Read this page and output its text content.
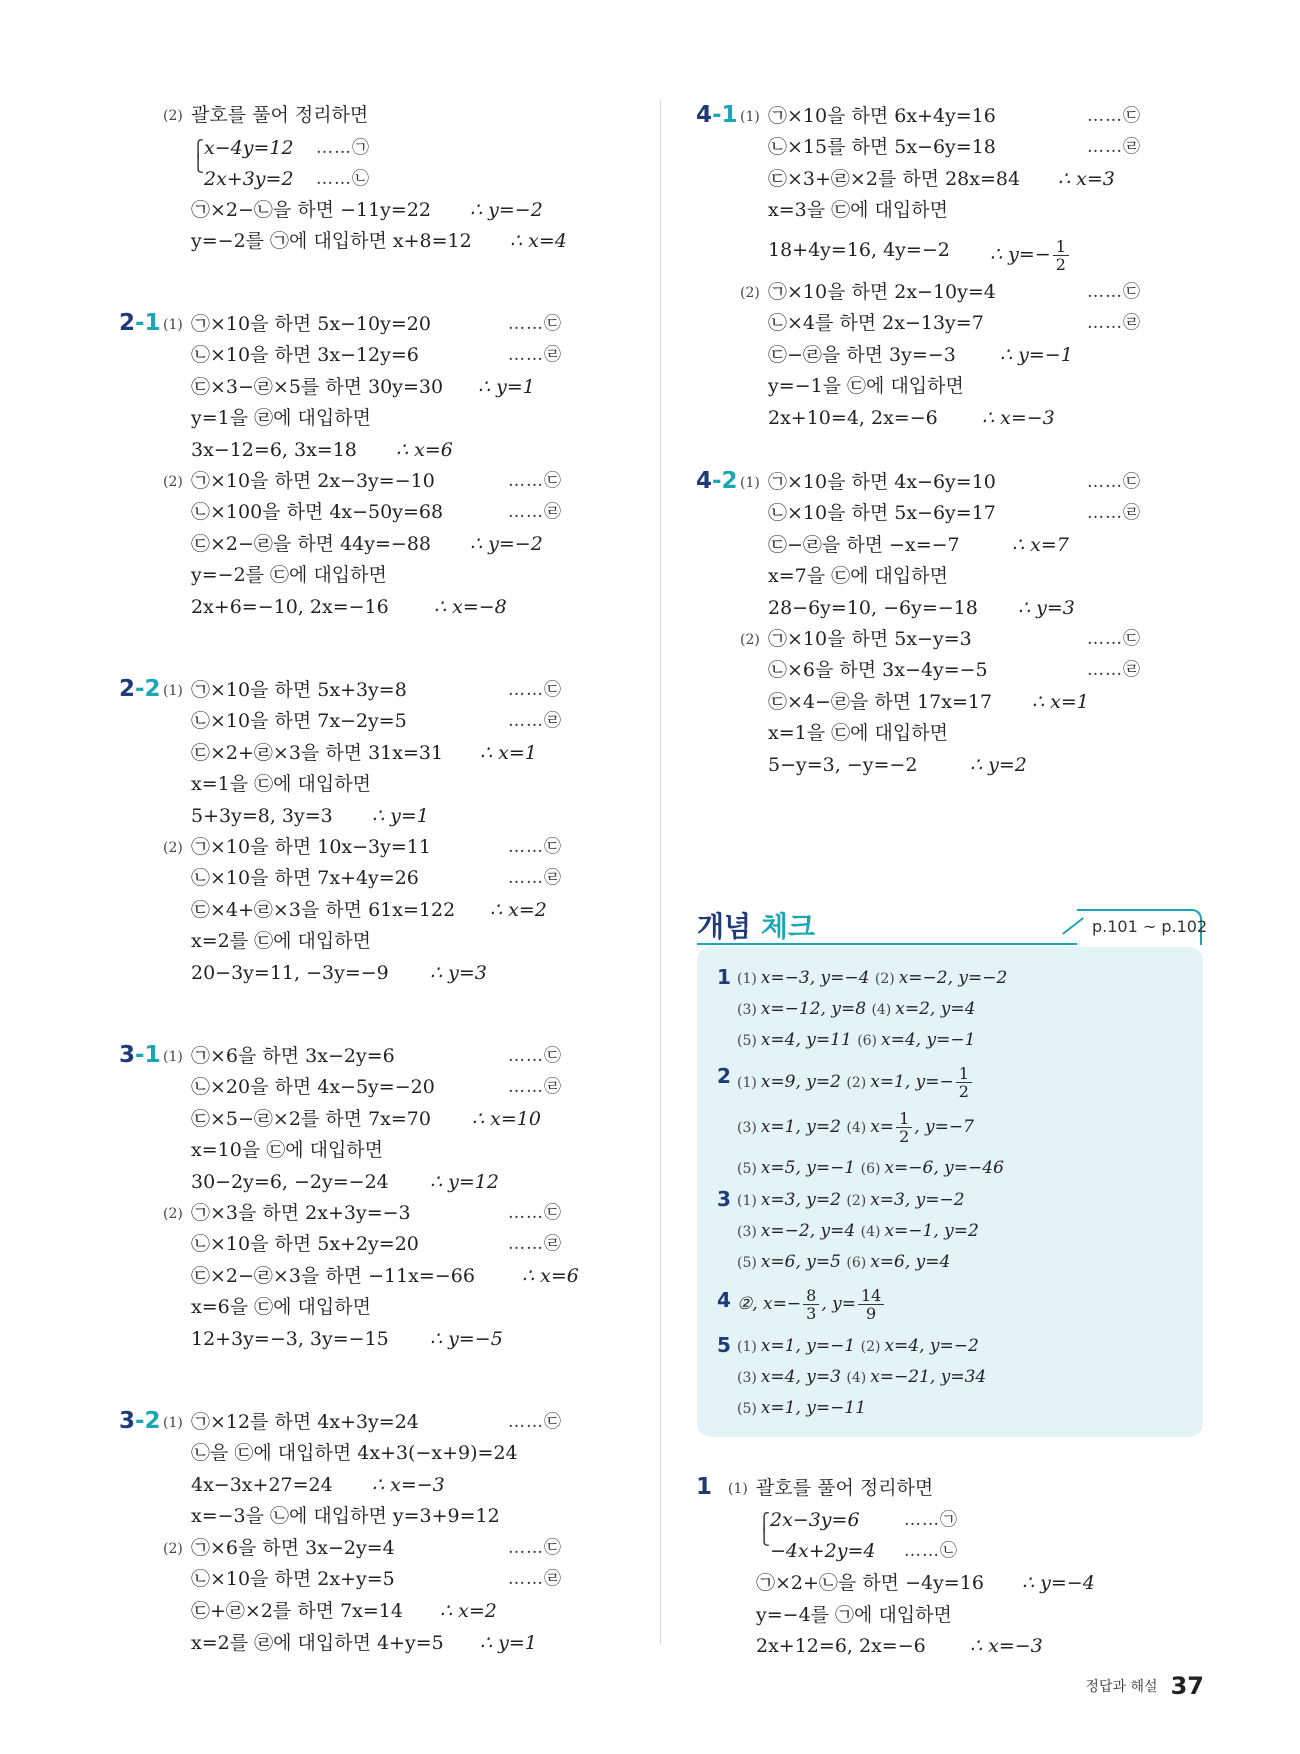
(2) 괄호를 풀어 정리하면
⎧
⎩
x−4y=12 ……㉠
2x+3y=2 ……㉡
㉠×2−㉡을 하면 −11y=22 ∴ y=−2
y=−2를 ㉠에 대입하면 x+8=12 ∴ x=4
2-1 (1) ㉠×10을 하면 5x−10y=20	……㉢
㉡×10을 하면 3x−12y=6	……㉣
㉢×3−㉣×5를 하면 30y=30 ∴ y=1
y=1을 ㉣에 대입하면
3x−12=6, 3x=18 ∴ x=6
(2) ㉠×10을 하면 2x−3y=−10	……㉢
㉡×100을 하면 4x−50y=68	……㉣
㉢×2−㉣을 하면 44y=−88 ∴ y=−2
y=−2를 ㉢에 대입하면
2x+6=−10, 2x=−16 ∴ x=−8
2-2 (1) ㉠×10을 하면 5x+3y=8	……㉢
㉡×10을 하면 7x−2y=5	……㉣
㉢×2+㉣×3을 하면 31x=31 ∴ x=1
x=1을 ㉢에 대입하면
5+3y=8, 3y=3 ∴ y=1
(2) ㉠×10을 하면 10x−3y=11	……㉢
㉡×10을 하면 7x+4y=26	……㉣
㉢×4+㉣×3을 하면 61x=122 ∴ x=2
x=2를 ㉢에 대입하면
20−3y=11, −3y=−9 ∴ y=3
3-1 (1) ㉠×6을 하면 3x−2y=6	……㉢
㉡×20을 하면 4x−5y=−20	……㉣
㉢×5−㉣×2를 하면 7x=70 ∴ x=10
x=10을 ㉢에 대입하면
30−2y=6, −2y=−24 ∴ y=12
(2) ㉠×3을 하면 2x+3y=−3	……㉢
㉡×10을 하면 5x+2y=20	……㉣
㉢×2−㉣×3을 하면 −11x=−66 ∴ x=6
x=6을 ㉢에 대입하면
12+3y=−3, 3y=−15 ∴ y=−5
3-2 (1) ㉠×12를 하면 4x+3y=24	……㉢
㉡을 ㉢에 대입하면 4x+3(−x+9)=24
4x−3x+27=24 ∴ x=−3
x=−3을 ㉡에 대입하면 y=3+9=12
(2) ㉠×6을 하면 3x−2y=4	……㉢
㉡×10을 하면 2x+y=5	……㉣
㉢+㉣×2를 하면 7x=14 ∴ x=2
x=2를 ㉣에 대입하면 4+y=5 ∴ y=1
4-1 (1) ㉠×10을 하면 6x+4y=16	……㉢
㉡×15를 하면 5x−6y=18	……㉣
㉢×3+㉣×2를 하면 28x=84 ∴ x=3
x=3을 ㉢에 대입하면
18+4y=16, 4y=−2 ∴ $y=- \frac{1}{2}$
(2) ㉠×10을 하면 2x−10y=4	……㉢
㉡×4를 하면 2x−13y=7	……㉣
㉢−㉣을 하면 3y=−3 ∴ y=−1
y=−1을 ㉢에 대입하면
2x+10=4, 2x=−6 ∴ x=−3
4-2 (1) ㉠×10을 하면 4x−6y=10	……㉢
㉡×10을 하면 5x−6y=17	……㉣
㉢−㉣을 하면 −x=−7	∴ x=7
x=7을 ㉢에 대입하면
28−6y=10, −6y=−18 ∴ y=3
(2) ㉠×10을 하면 5x−y=3	……㉢
㉡×6을 하면 3x−4y=−5	……㉣
㉢×4−㉣을 하면 17x=17 ∴ x=1
x=1을 ㉢에 대입하면
5−y=3, −y=−2	∴ y=2
개념 체크	p.101 ~ p.102
1 (1) x=−3, y=−4 (2) x=−2, y=−2
(3) x=−12, y=8 (4) x=2, y=4
(5) x=4, y=11 (6) x=4, y=−1
2 (1) x=9, y=2 (2) x=1, $y=- \frac{1}{2}$
(3) x=1, y=2 (4) $x= \frac{1}{2}$ , y=−7
(5) x=5, y=−1 (6) x=−6, y=−46
3 (1) x=3, y=2 (2) x=3, y=−2
(3) x=−2, y=4 (4) x=−1, y=2
(5) x=6, y=5 (6) x=6, y=4
4 ②, $x=- \frac{8}{3}$ , $y= \frac{14}{9}$
5 (1) x=1, y=−1 (2) x=4, y=−2
(3) x=4, y=3 (4) x=−21, y=34
(5) x=1, y=−11
1 (1) 괄호를 풀어 정리하면
⎧
⎩
2x−3y=6	……㉠
−4x+2y=4 ……㉡
㉠×2+㉡을 하면 −4y=16 ∴ y=−4
y=−4를 ㉠에 대입하면
2x+12=6, 2x=−6 ∴ x=−3
정답과 해설 37
